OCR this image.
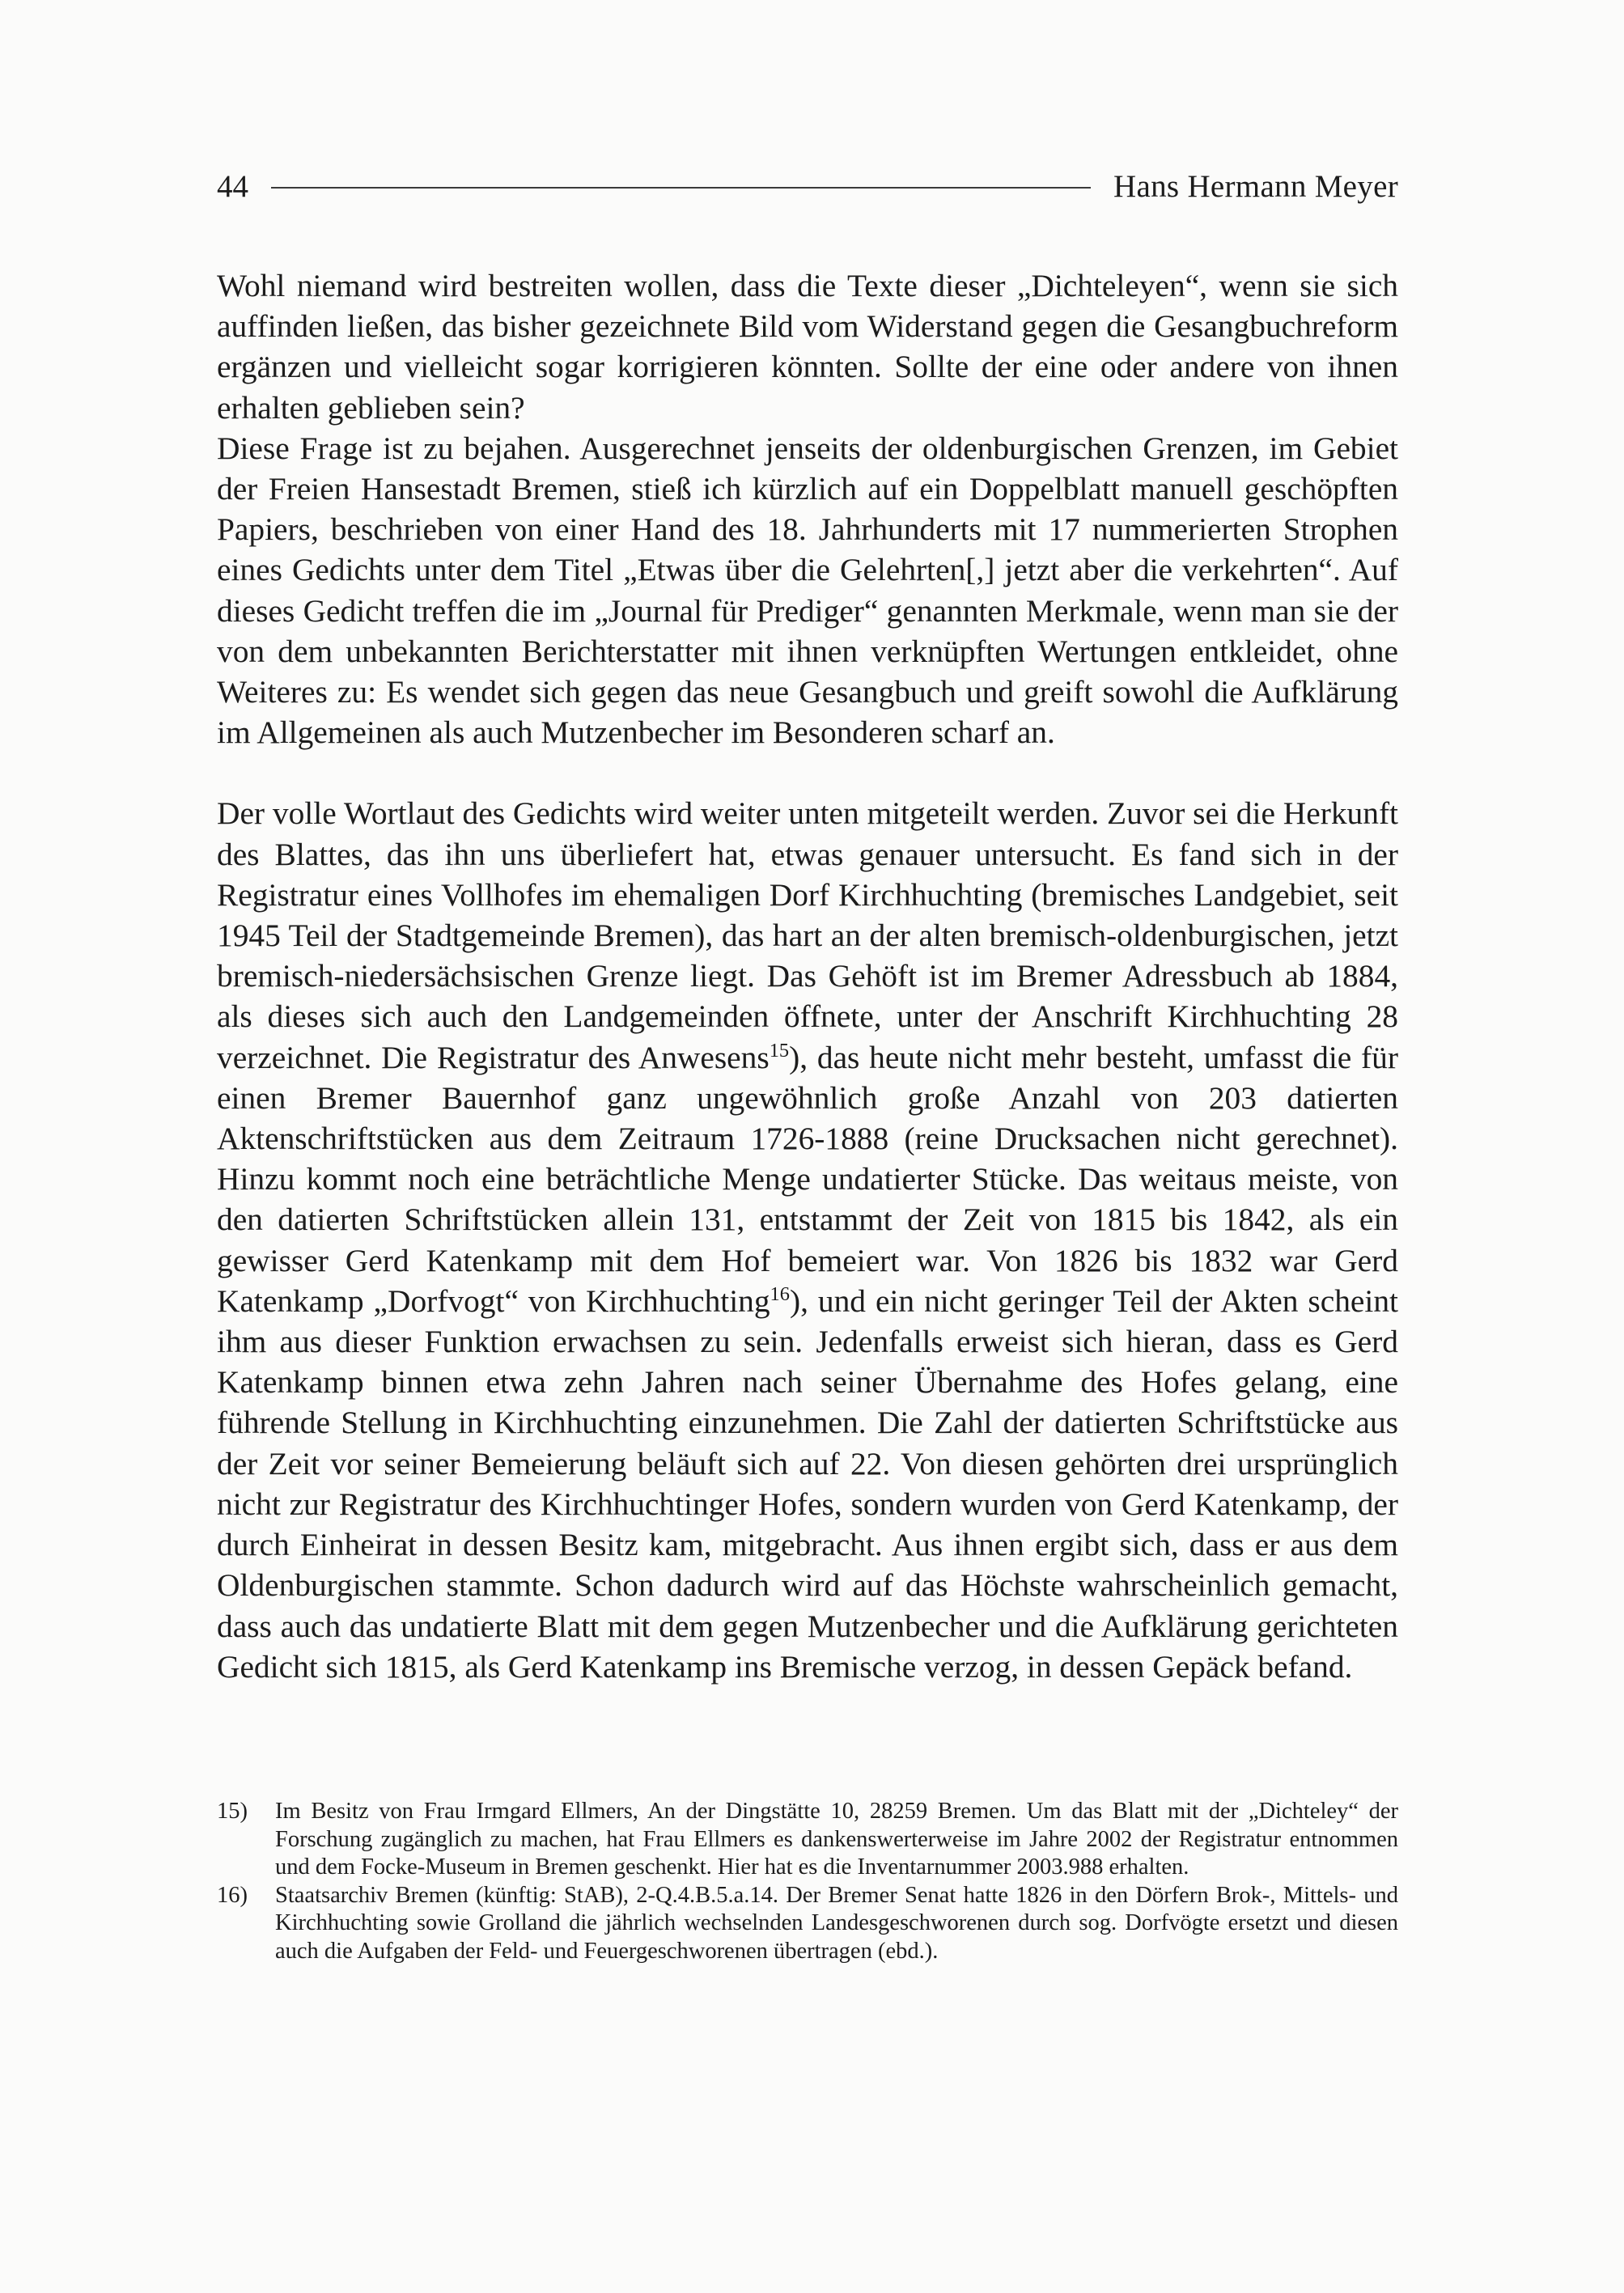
44	Hans Hermann Meyer

Wohl niemand wird bestreiten wollen, dass die Texte dieser „Dichteleyen“, wenn sie sich auffinden ließen, das bisher gezeichnete Bild vom Widerstand gegen die Gesangbuchreform ergänzen und vielleicht sogar korrigieren könnten. Sollte der eine oder andere von ihnen erhalten geblieben sein?

Diese Frage ist zu bejahen. Ausgerechnet jenseits der oldenburgischen Grenzen, im Gebiet der Freien Hansestadt Bremen, stieß ich kürzlich auf ein Doppelblatt manuell geschöpften Papiers, beschrieben von einer Hand des 18. Jahrhunderts mit 17 nummerierten Strophen eines Gedichts unter dem Titel „Etwas über die Gelehrten[,] jetzt aber die verkehrten“. Auf dieses Gedicht treffen die im „Journal für Prediger“ genannten Merkmale, wenn man sie der von dem unbekannten Berichterstatter mit ihnen verknüpften Wertungen entkleidet, ohne Weiteres zu: Es wendet sich gegen das neue Gesangbuch und greift sowohl die Aufklärung im Allgemeinen als auch Mutzenbecher im Besonderen scharf an.

Der volle Wortlaut des Gedichts wird weiter unten mitgeteilt werden. Zuvor sei die Herkunft des Blattes, das ihn uns überliefert hat, etwas genauer untersucht. Es fand sich in der Registratur eines Vollhofes im ehemaligen Dorf Kirchhuchting (bremisches Landgebiet, seit 1945 Teil der Stadtgemeinde Bremen), das hart an der alten bremisch-oldenburgischen, jetzt bremisch-niedersächsischen Grenze liegt. Das Gehöft ist im Bremer Adressbuch ab 1884, als dieses sich auch den Landgemeinden öffnete, unter der Anschrift Kirchhuchting 28 verzeichnet. Die Registratur des Anwesens$^{15}$), das heute nicht mehr besteht, umfasst die für einen Bremer Bauernhof ganz ungewöhnlich große Anzahl von 203 datierten Aktenschriftstücken aus dem Zeitraum 1726-1888 (reine Drucksachen nicht gerechnet). Hinzu kommt noch eine beträchtliche Menge undatierter Stücke. Das weitaus meiste, von den datierten Schriftstücken allein 131, entstammt der Zeit von 1815 bis 1842, als ein gewisser Gerd Katenkamp mit dem Hof bemeiert war. Von 1826 bis 1832 war Gerd Katenkamp „Dorfvogt“ von Kirchhuchting$^{16}$), und ein nicht geringer Teil der Akten scheint ihm aus dieser Funktion erwachsen zu sein. Jedenfalls erweist sich hieran, dass es Gerd Katenkamp binnen etwa zehn Jahren nach seiner Übernahme des Hofes gelang, eine führende Stellung in Kirchhuchting einzunehmen. Die Zahl der datierten Schriftstücke aus der Zeit vor seiner Bemeierung beläuft sich auf 22. Von diesen gehörten drei ursprünglich nicht zur Registratur des Kirchhuchtinger Hofes, sondern wurden von Gerd Katenkamp, der durch Einheirat in dessen Besitz kam, mitgebracht. Aus ihnen ergibt sich, dass er aus dem Oldenburgischen stammte. Schon dadurch wird auf das Höchste wahrscheinlich gemacht, dass auch das undatierte Blatt mit dem gegen Mutzenbecher und die Aufklärung gerichteten Gedicht sich 1815, als Gerd Katenkamp ins Bremische verzog, in dessen Gepäck befand.

15)	Im Besitz von Frau Irmgard Ellmers, An der Dingstätte 10, 28259 Bremen. Um das Blatt mit der „Dichteley“ der Forschung zugänglich zu machen, hat Frau Ellmers es dankenswerterweise im Jahre 2002 der Registratur entnommen und dem Focke-Museum in Bremen geschenkt. Hier hat es die Inventarnummer 2003.988 erhalten.
16)	Staatsarchiv Bremen (künftig: StAB), 2-Q.4.B.5.a.14. Der Bremer Senat hatte 1826 in den Dörfern Brok-, Mittels- und Kirchhuchting sowie Grolland die jährlich wechselnden Landesgeschworenen durch sog. Dorfvögte ersetzt und diesen auch die Aufgaben der Feld- und Feuergeschworenen übertragen (ebd.).
